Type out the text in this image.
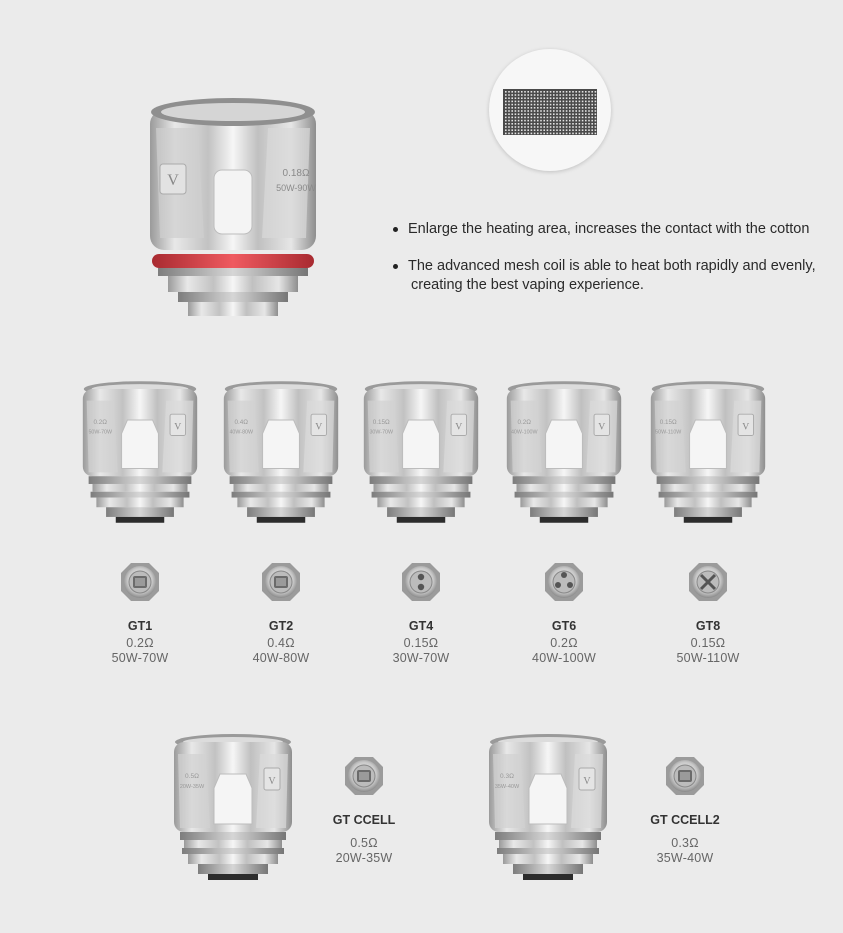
V	0.18Ω
50W-90W
Enlarge the heating area, increases the contact with the cotton
The advanced mesh coil is able to heat both rapidly and evenly,
creating the best vaping experience.
V
0.2Ω
50W-70W
GT1
0.2Ω
50W-70W
V
0.4Ω
40W-80W
GT2
0.4Ω
40W-80W
V
0.15Ω
30W-70W
GT4
0.15Ω
30W-70W
V
0.2Ω
40W-100W
GT6
0.2Ω
40W-100W
V
0.15Ω
50W-110W
GT8
0.15Ω
50W-110W
V
0.5Ω
20W-35W
GT CCELL
0.5Ω
20W-35W
V
0.3Ω
35W-40W
GT CCELL2
0.3Ω
35W-40W
